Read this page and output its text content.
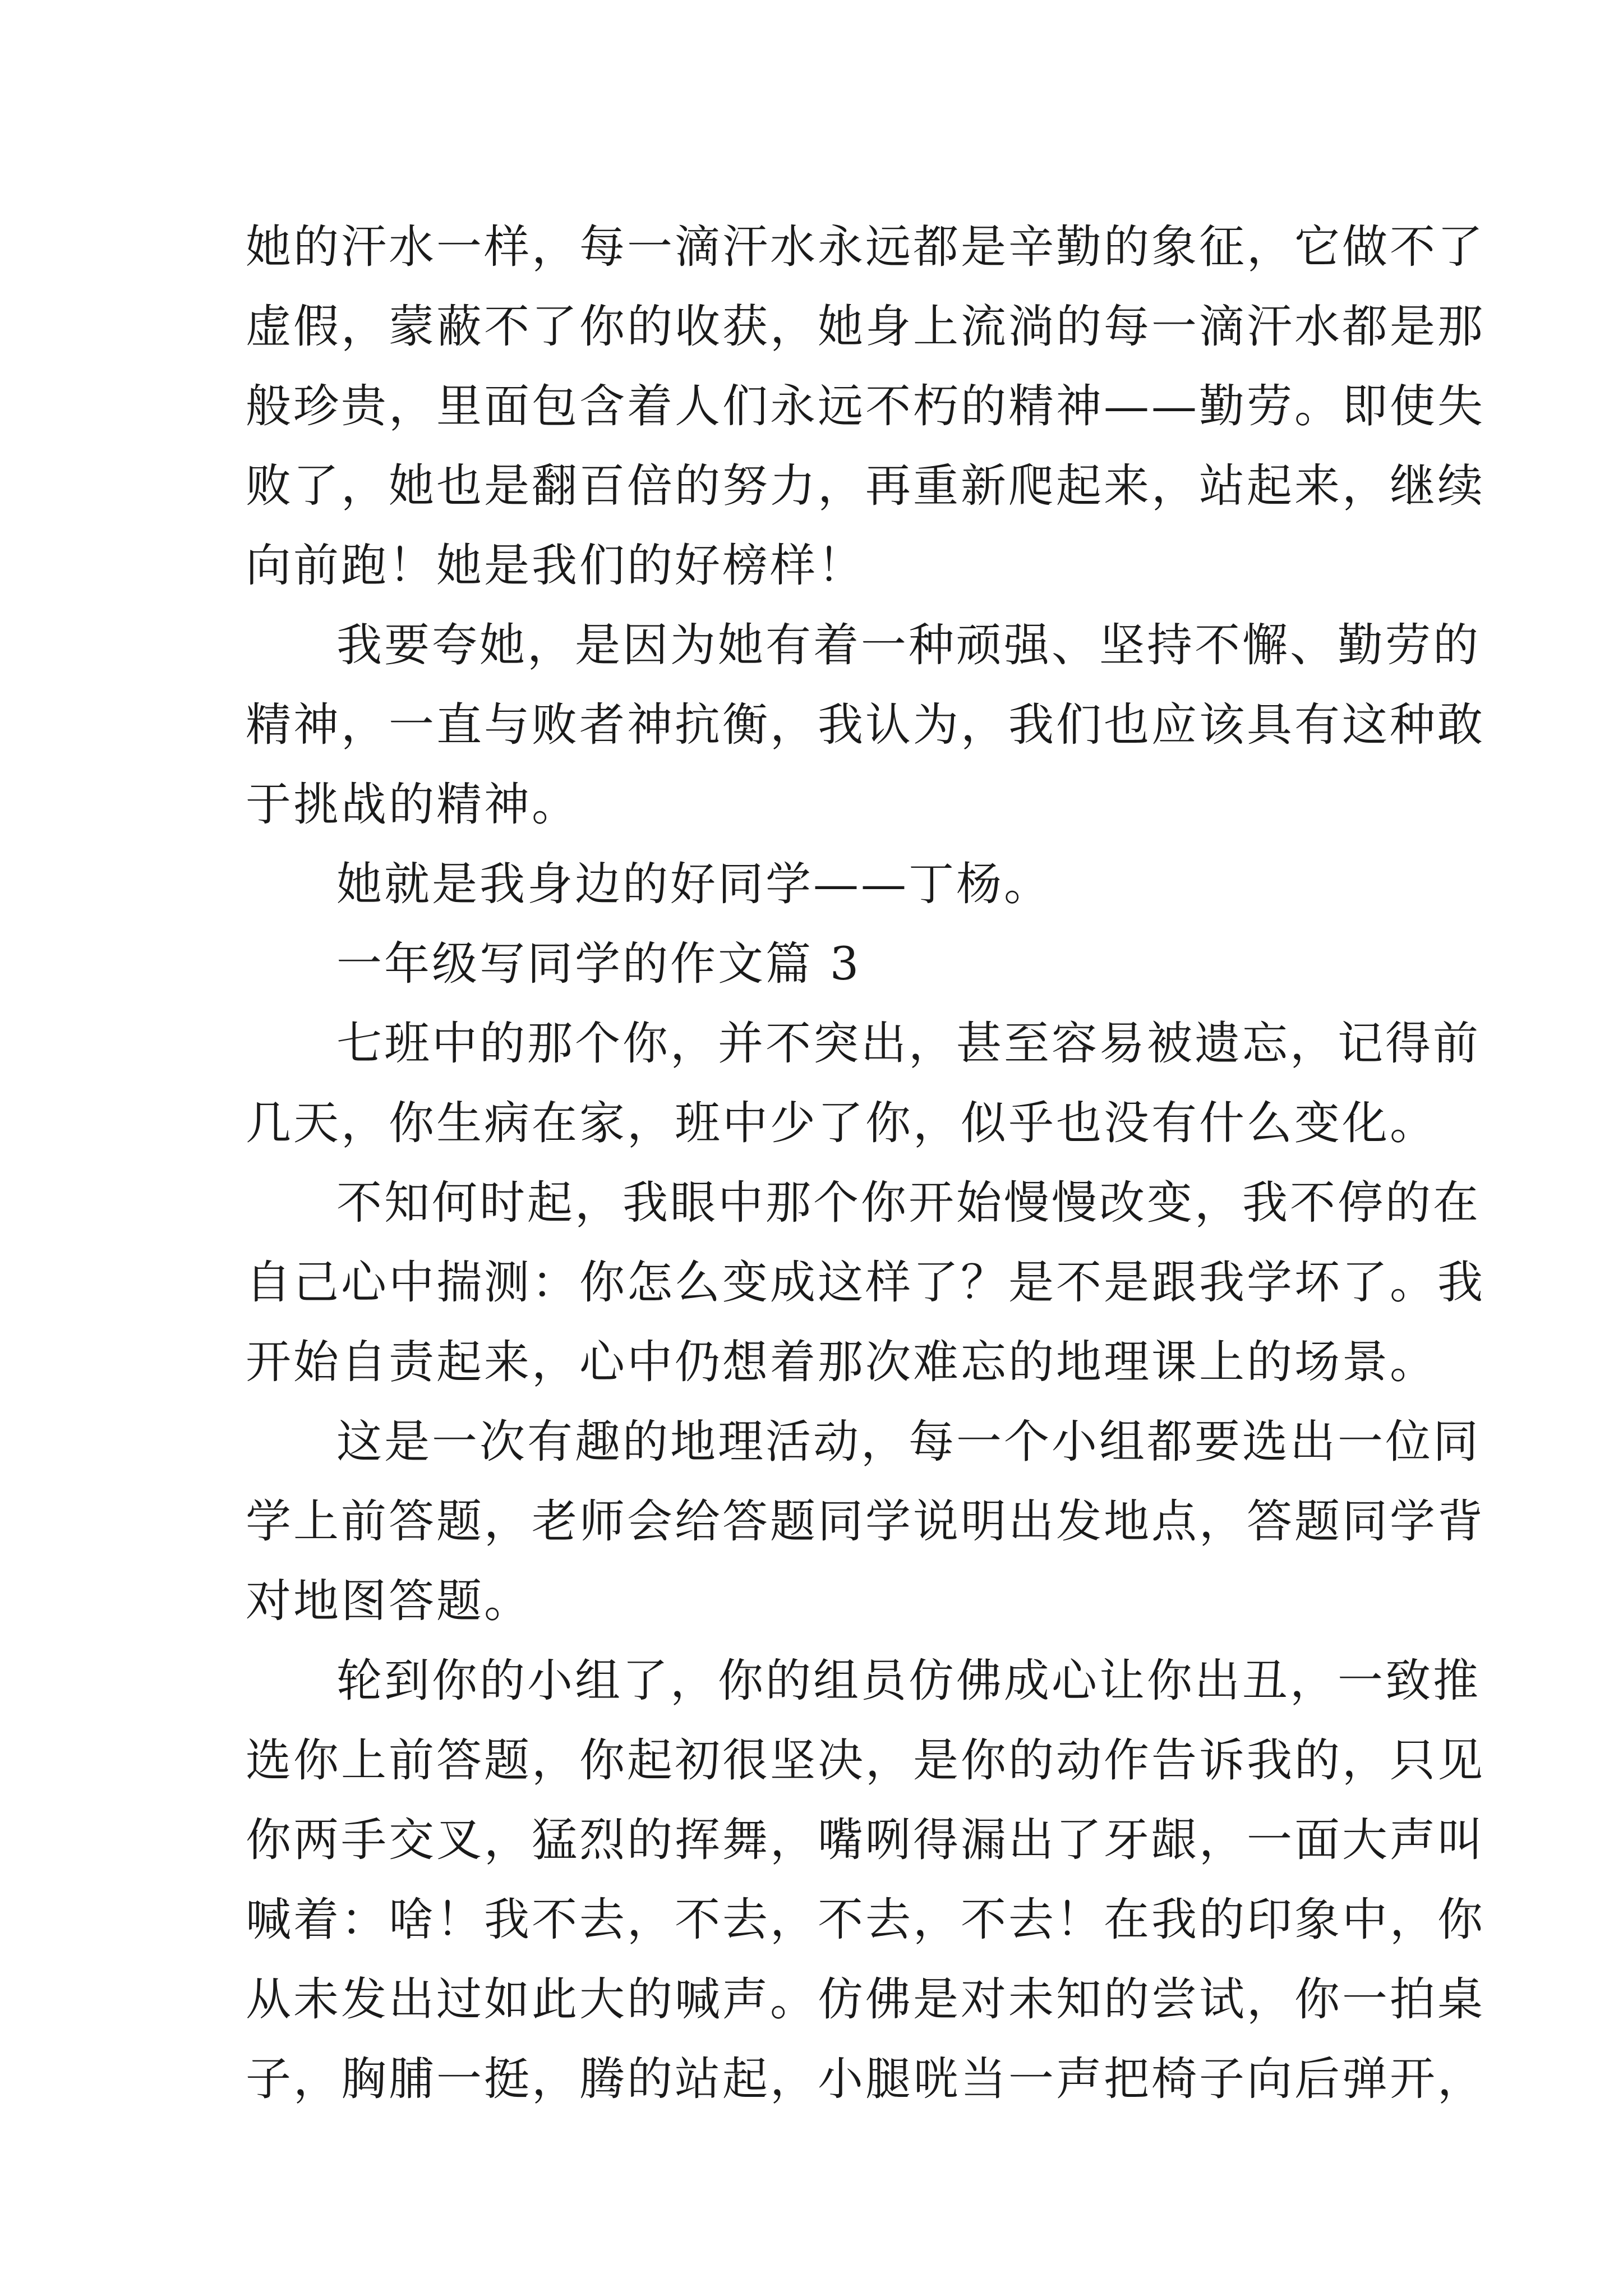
她的汗水一样，每一滴汗水永远都是辛勤的象征，它做不了
虚假，蒙蔽不了你的收获，她身上流淌的每一滴汗水都是那
般珍贵，里面包含着人们永远不朽的精神——勤劳。即使失
败了，她也是翻百倍的努力，再重新爬起来，站起来，继续
向前跑！她是我们的好榜样！
我要夸她，是因为她有着一种顽强、坚持不懈、勤劳的
精神，一直与败者神抗衡，我认为，我们也应该具有这种敢
于挑战的精神。
她就是我身边的好同学——丁杨。
一年级写同学的作文篇 3
七班中的那个你，并不突出，甚至容易被遗忘，记得前
几天，你生病在家，班中少了你，似乎也没有什么变化。
不知何时起，我眼中那个你开始慢慢改变，我不停的在
自己心中揣测：你怎么变成这样了？是不是跟我学坏了。我
开始自责起来，心中仍想着那次难忘的地理课上的场景。
这是一次有趣的地理活动，每一个小组都要选出一位同
学上前答题，老师会给答题同学说明出发地点，答题同学背
对地图答题。
轮到你的小组了，你的组员仿佛成心让你出丑，一致推
选你上前答题，你起初很坚决，是你的动作告诉我的，只见
你两手交叉，猛烈的挥舞，嘴咧得漏出了牙龈，一面大声叫
喊着：啥！我不去，不去，不去，不去！在我的印象中，你
从未发出过如此大的喊声。仿佛是对未知的尝试，你一拍桌
子，胸脯一挺，腾的站起，小腿咣当一声把椅子向后弹开，
